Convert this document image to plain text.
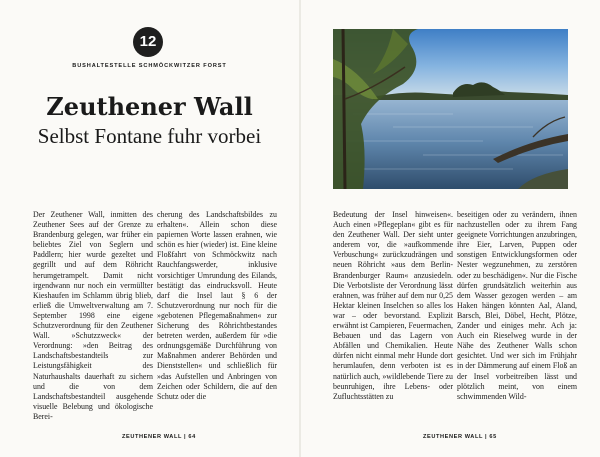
12
BUSHALTESTELLE SCHMÖCKWITZER FORST
Zeuthener Wall
Selbst Fontane fuhr vorbei
Der Zeuthener Wall, inmitten des Zeuthener Sees auf der Grenze zu Brandenburg gelegen, war früher ein beliebtes Ziel von Seglern und Paddlern; hier wurde gezeltet und gegrillt und auf dem Röhricht herumgetrampelt. Damit nicht irgendwann nur noch ein vermüllter Kieshaufen im Schlamm übrig blieb, erließ die Umweltverwaltung am 7. September 1998 eine eigene Schutzverordnung für den Zeuthener Wall. »Schutzzweck« der Verordnung: »den Beitrag des Landschaftsbestandteils zur Leistungsfähigkeit des Naturhaushalts dauerhaft zu sichern und die von dem Landschaftsbestandteil ausgehende visuelle Belebung und ökologische Berei-
cherung des Landschaftsbildes zu erhalten«. Allein schon diese papiernen Worte lassen erahnen, wie schön es hier (wieder) ist. Eine kleine Floßfahrt von Schmöckwitz nach Rauchfangswerder, inklusive vorsichtiger Umrundung des Eilands, bestätigt das eindrucksvoll. Heute darf die Insel laut § 6 der Schutzverordnung nur noch für die »gebotenen Pflegemaßnahmen« zur Sicherung des Röhrichtbestandes betreten werden, außerdem für »die ordnungsgemäße Durchführung von Maßnahmen anderer Behörden und Dienststellen« und schließlich für »das Aufstellen und Anbringen von Zeichen oder Schildern, die auf den Schutz oder die
ZEUTHENER WALL | 64	ZEUTHENER WALL | 65
Bedeutung der Insel hinweisen«. Auch einen »Pflegeplan« gibt es für den Zeuthener Wall. Der sieht unter anderem vor, die »aufkommende Verbuschung« zurückzudrängen und neuen Röhricht »aus dem Berlin-Brandenburger Raum« anzusiedeln. Die Verbotsliste der Verordnung lässt erahnen, was früher auf dem nur 0,25 Hektar kleinen Inselchen so alles los war – oder bevorstand. Explizit erwähnt ist Campieren, Feuermachen, Bebauen und das Lagern von Abfällen und Chemikalien. Heute dürfen nicht einmal mehr Hunde dort herumlaufen, denn verboten ist es natürlich auch, »wildlebende Tiere zu beunruhigen, ihre Lebens- oder Zufluchtsstätten zu
beseitigen oder zu verändern, ihnen nachzustellen oder zu ihrem Fang geeignete Vorrichtungen anzubringen, ihre Eier, Larven, Puppen oder sonstigen Entwicklungsformen oder Nester wegzunehmen, zu zerstören oder zu beschädigen«. Nur die Fische dürfen grundsätzlich weiterhin aus dem Wasser gezogen werden – am Haken hängen könnten Aal, Aland, Barsch, Blei, Döbel, Hecht, Plötze, Zander und einiges mehr. Ach ja: Auch ein Rieselweg wurde in der Nähe des Zeuthener Walls schon gesichtet. Und wer sich im Frühjahr in der Dämmerung auf einem Floß an der Insel vorbeitreiben lässt und plötzlich meint, von einem schwimmenden Wild-
